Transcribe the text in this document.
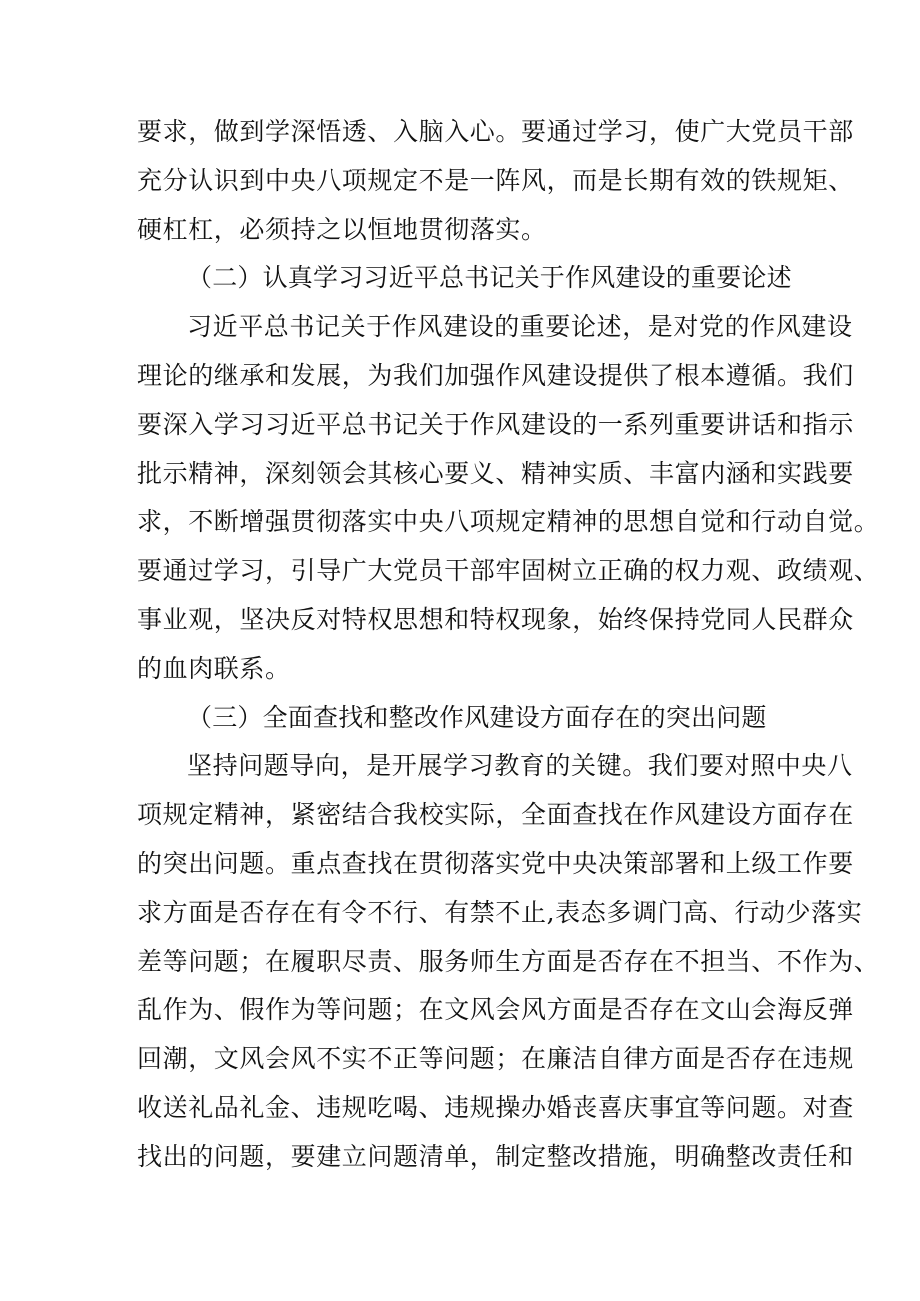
要求，做到学深悟透、入脑入心。要通过学习，使广大党员干部
充分认识到中央八项规定不是一阵风，而是长期有效的铁规矩、
硬杠杠，必须持之以恒地贯彻落实。
（二）认真学习习近平总书记关于作风建设的重要论述
习近平总书记关于作风建设的重要论述，是对党的作风建设
理论的继承和发展，为我们加强作风建设提供了根本遵循。我们
要深入学习习近平总书记关于作风建设的一系列重要讲话和指示
批示精神，深刻领会其核心要义、精神实质、丰富内涵和实践要
求，不断增强贯彻落实中央八项规定精神的思想自觉和行动自觉。
要通过学习，引导广大党员干部牢固树立正确的权力观、政绩观、
事业观，坚决反对特权思想和特权现象，始终保持党同人民群众
的血肉联系。
（三）全面查找和整改作风建设方面存在的突出问题
坚持问题导向，是开展学习教育的关键。我们要对照中央八
项规定精神，紧密结合我校实际，全面查找在作风建设方面存在
的突出问题。重点查找在贯彻落实党中央决策部署和上级工作要
求方面是否存在有令不行、有禁不止,表态多调门高、行动少落实
差等问题；在履职尽责、服务师生方面是否存在不担当、不作为、
乱作为、假作为等问题；在文风会风方面是否存在文山会海反弹
回潮，文风会风不实不正等问题；在廉洁自律方面是否存在违规
收送礼品礼金、违规吃喝、违规操办婚丧喜庆事宜等问题。对查
找出的问题，要建立问题清单，制定整改措施，明确整改责任和
